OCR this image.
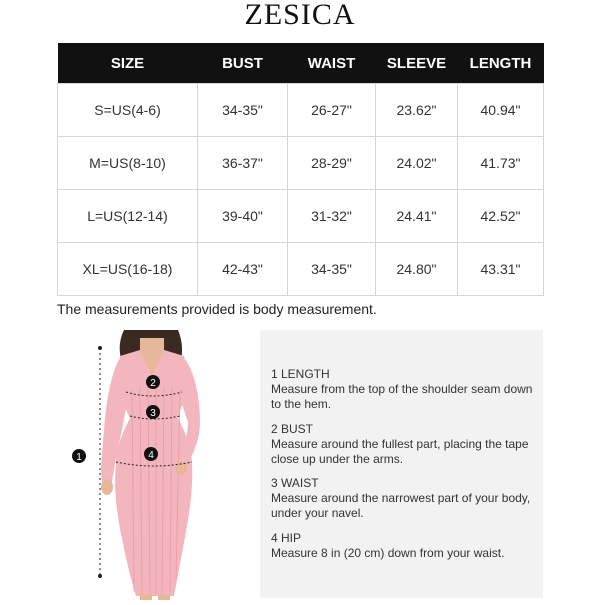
ZESICA
SIZE	BUST	WAIST	SLEEVE	LENGTH
S=US(4-6)	34-35"	26-27"	23.62"	40.94"
M=US(8-10)	36-37"	28-29"	24.02"	41.73"
L=US(12-14)	39-40"	31-32"	24.41"	42.52"
XL=US(16-18)	42-43"	34-35"	24.80"	43.31"
The measurements provided is body measurement.
1
2
3
4
1 LENGTH
Measure from the top of the shoulder seam down to the hem.
2 BUST
Measure around the fullest part, placing the tape close up under the arms.
3 WAIST
Measure around the narrowest part of your body, under your navel.
4 HIP
Measure 8 in (20 cm) down from your waist.
